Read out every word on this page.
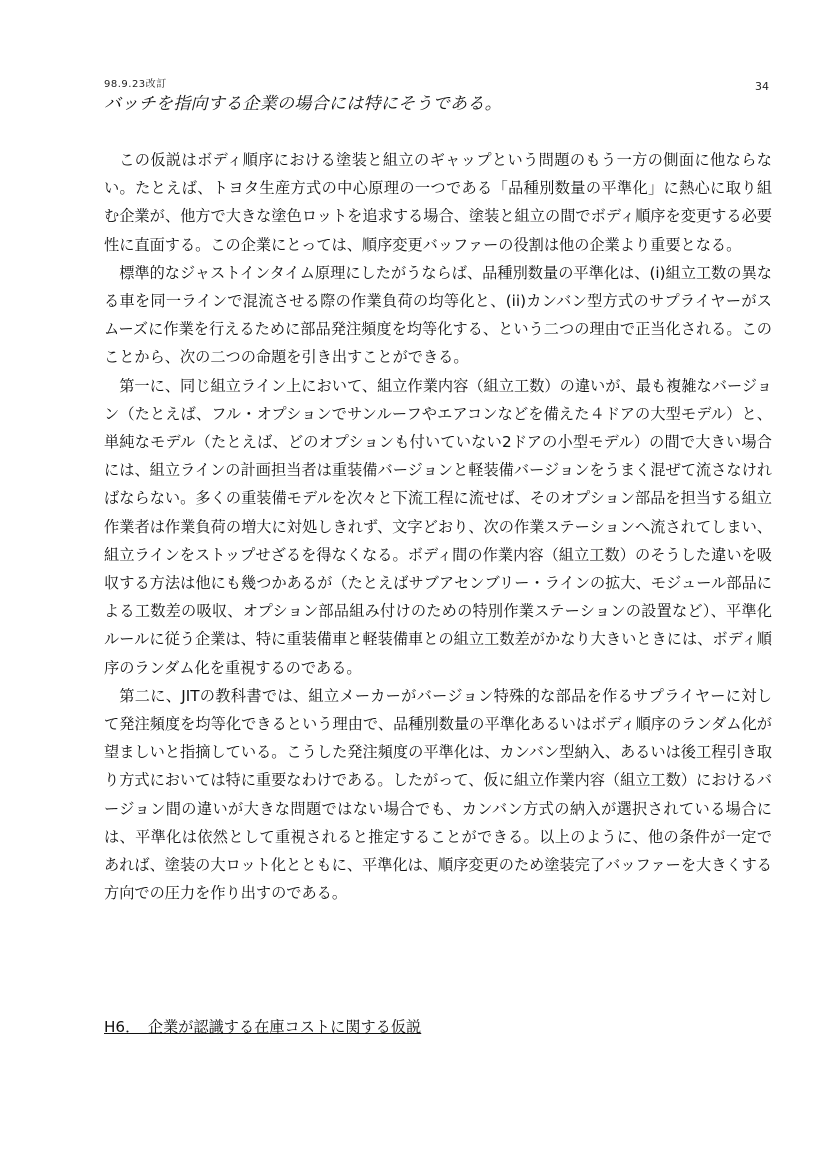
98.9.23改訂	34
バッチを指向する企業の場合には特にそうである。

この仮説はボディ順序における塗装と組立のギャップという問題のもう一方の側面に他ならない。たとえば、トヨタ生産方式の中心原理の一つである「品種別数量の平準化」に熱心に取り組む企業が、他方で大きな塗色ロットを追求する場合、塗装と組立の間でボディ順序を変更する必要性に直面する。この企業にとっては、順序変更バッファーの役割は他の企業より重要となる。

標準的なジャストインタイム原理にしたがうならば、品種別数量の平準化は、(i)組立工数の異なる車を同一ラインで混流させる際の作業負荷の均等化と、(ii)カンバン型方式のサプライヤーがスムーズに作業を行えるために部品発注頻度を均等化する、という二つの理由で正当化される。このことから、次の二つの命題を引き出すことができる。

第一に、同じ組立ライン上において、組立作業内容（組立工数）の違いが、最も複雑なバージョン（たとえば、フル・オプションでサンルーフやエアコンなどを備えた４ドアの大型モデル）と、単純なモデル（たとえば、どのオプションも付いていない2ドアの小型モデル）の間で大きい場合には、組立ラインの計画担当者は重装備バージョンと軽装備バージョンをうまく混ぜて流さなければならない。多くの重装備モデルを次々と下流工程に流せば、そのオプション部品を担当する組立作業者は作業負荷の増大に対処しきれず、文字どおり、次の作業ステーションへ流されてしまい、組立ラインをストップせざるを得なくなる。ボディ間の作業内容（組立工数）のそうした違いを吸収する方法は他にも幾つかあるが（たとえばサブアセンブリー・ラインの拡大、モジュール部品による工数差の吸収、オプション部品組み付けのための特別作業ステーションの設置など）、平準化ルールに従う企業は、特に重装備車と軽装備車との組立工数差がかなり大きいときには、ボディ順序のランダム化を重視するのである。

第二に、JITの教科書では、組立メーカーがバージョン特殊的な部品を作るサプライヤーに対して発注頻度を均等化できるという理由で、品種別数量の平準化あるいはボディ順序のランダム化が望ましいと指摘している。こうした発注頻度の平準化は、カンバン型納入、あるいは後工程引き取り方式においては特に重要なわけである。したがって、仮に組立作業内容（組立工数）におけるバージョン間の違いが大きな問題ではない場合でも、カンバン方式の納入が選択されている場合には、平準化は依然として重視されると推定することができる。以上のように、他の条件が一定であれば、塗装の大ロット化とともに、平準化は、順序変更のため塗装完了バッファーを大きくする方向での圧力を作り出すのである。

H6．　企業が認識する在庫コストに関する仮説
